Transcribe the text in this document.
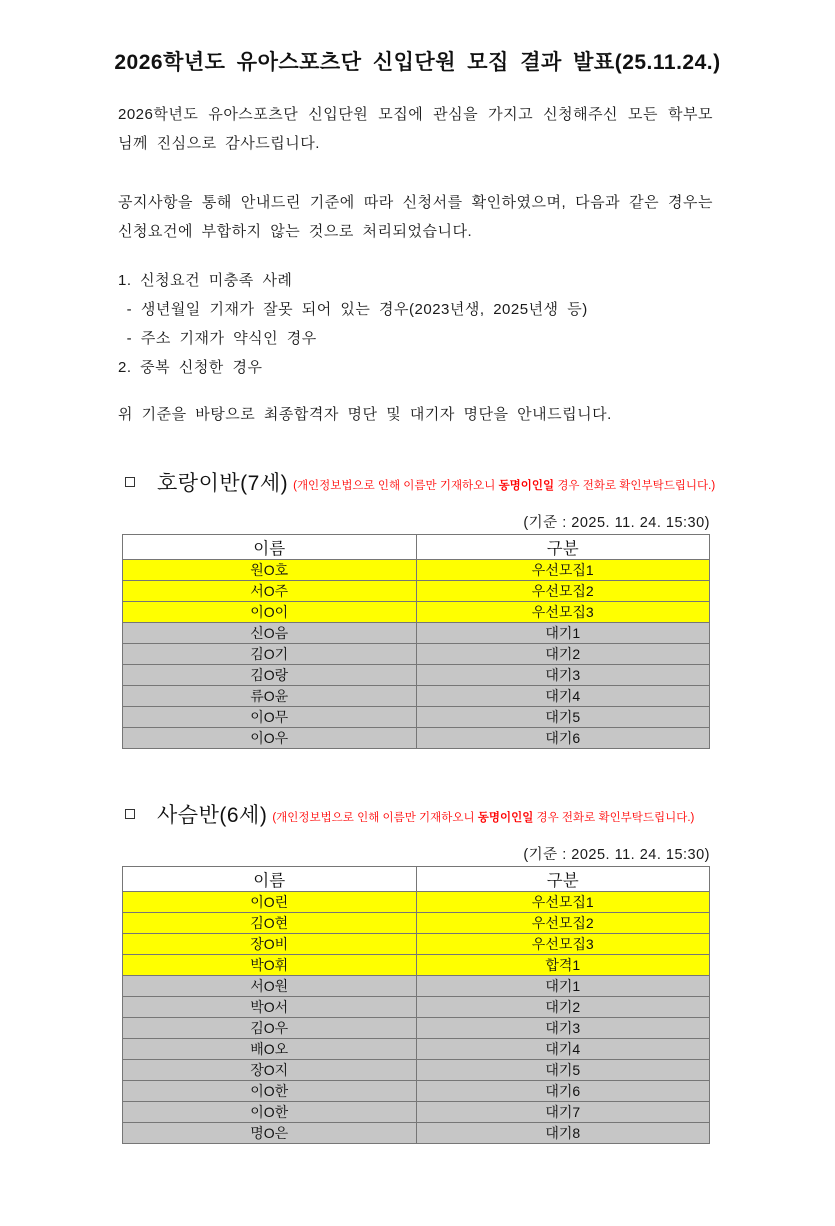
2026학년도 유아스포츠단 신입단원 모집 결과 발표(25.11.24.)

2026학년도 유아스포츠단 신입단원 모집에 관심을 가지고 신청해주신 모든 학부모님께 진심으로 감사드립니다.

공지사항을 통해 안내드린 기준에 따라 신청서를 확인하였으며, 다음과 같은 경우는 신청요건에 부합하지 않는 것으로 처리되었습니다.

1. 신청요건 미충족 사례
- 생년월일 기재가 잘못 되어 있는 경우(2023년생, 2025년생 등)
- 주소 기재가 약식인 경우
2. 중복 신청한 경우

위 기준을 바탕으로 최종합격자 명단 및 대기자 명단을 안내드립니다.

호랑이반(7세) (개인정보법으로 인해 이름만 기재하오니 동명이인일 경우 전화로 확인부탁드립니다.)
(기준 : 2025. 11. 24. 15:30)
이름	구분
원O호	우선모집1
서O주	우선모집2
이O이	우선모집3
신O음	대기1
김O기	대기2
김O랑	대기3
류O윤	대기4
이O무	대기5
이O우	대기6
사슴반(6세) (개인정보법으로 인해 이름만 기재하오니 동명이인일 경우 전화로 확인부탁드립니다.)
(기준 : 2025. 11. 24. 15:30)
이름	구분
이O린	우선모집1
김O현	우선모집2
장O비	우선모집3
박O휘	합격1
서O원	대기1
박O서	대기2
김O우	대기3
배O오	대기4
장O지	대기5
이O한	대기6
이O한	대기7
명O은	대기8
